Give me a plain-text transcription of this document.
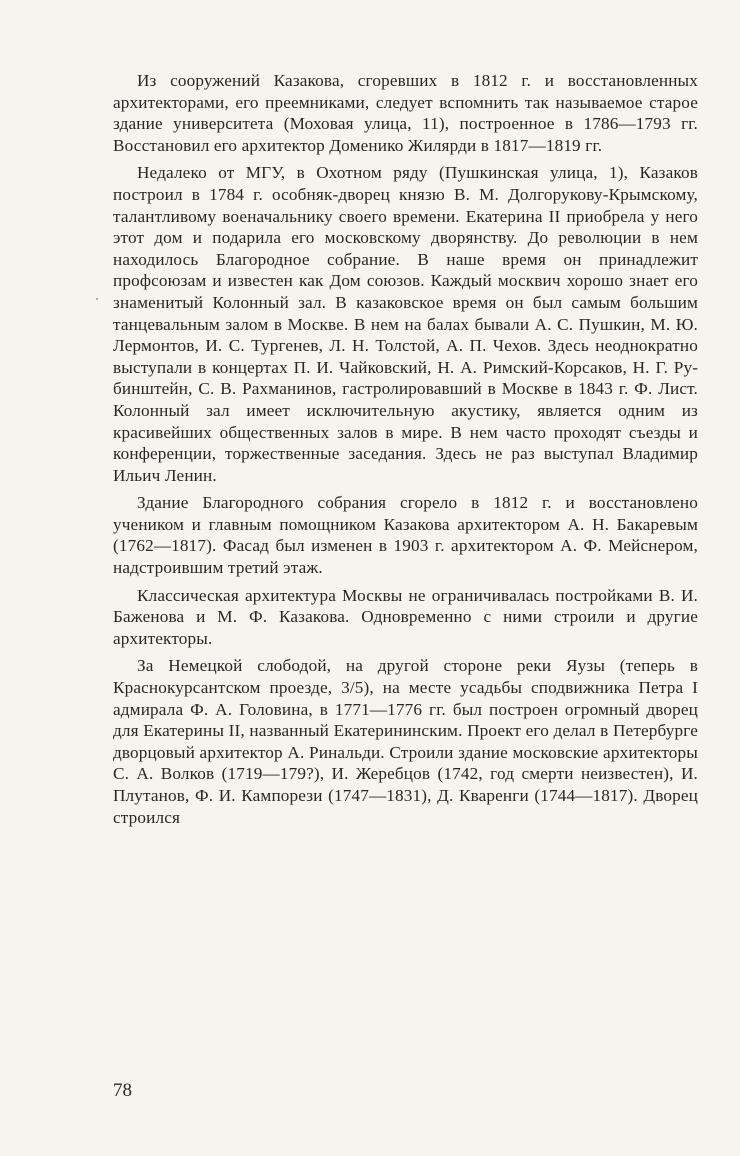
Из сооружений Казакова, сгоревших в 1812 г. и восстановленных архитекторами, его преемниками, следует вспомнить так называемое старое здание университета (Моховая улица, 11), построенное в 1786—1793 гг. Восстановил его архитектор Доменико Жилярди в 1817—1819 гг.

Недалеко от МГУ, в Охотном ряду (Пушкинская улица, 1), Казаков построил в 1784 г. особняк-дворец князю В. М. Долгорукову-Крымскому, талантливому военачальнику своего времени. Екатерина II приобрела у него этот дом и подарила его московскому дворянству. До революции в нем находилось Благородное собрание. В наше время он принадлежит профсоюзам и известен как Дом союзов. Каждый москвич хорошо знает его знаменитый Колонный зал. В казаковское время он был самым большим танцевальным залом в Москве. В нем на балах бывали А. С. Пушкин, М. Ю. Лермонтов, И. С. Тургенев, Л. Н. Толстой, А. П. Чехов. Здесь неоднократно выступали в концертах П. И. Чайковский, Н. А. Римский-Корсаков, Н. Г. Рубинштейн, С. В. Рахманинов, гастролировавший в Москве в 1843 г. Ф. Лист. Колонный зал имеет исключительную акустику, является одним из красивейших общественных залов в мире. В нем часто проходят съезды и конференции, торжественные заседания. Здесь не раз выступал Владимир Ильич Ленин.

Здание Благородного собрания сгорело в 1812 г. и восстановлено учеником и главным помощником Казакова архитектором А. Н. Бакаревым (1762—1817). Фасад был изменен в 1903 г. архитектором А. Ф. Мейснером, надстроившим третий этаж.

Классическая архитектура Москвы не ограничивалась постройками В. И. Баженова и М. Ф. Казакова. Одновременно с ними строили и другие архитекторы.

За Немецкой слободой, на другой стороне реки Яузы (теперь в Краснокурсантском проезде, 3/5), на месте усадьбы сподвижника Петра I адмирала Ф. А. Головина, в 1771—1776 гг. был построен огромный дворец для Екатерины II, названный Екатерининским. Проект его делал в Петербурге дворцовый архитектор А. Ринальди. Строили здание московские архитекторы С. А. Волков (1719—179?), И. Жеребцов (1742, год смерти неизвестен), И. Плутанов, Ф. И. Кампорези (1747—1831), Д. Кваренги (1744—1817). Дворец строился

78
